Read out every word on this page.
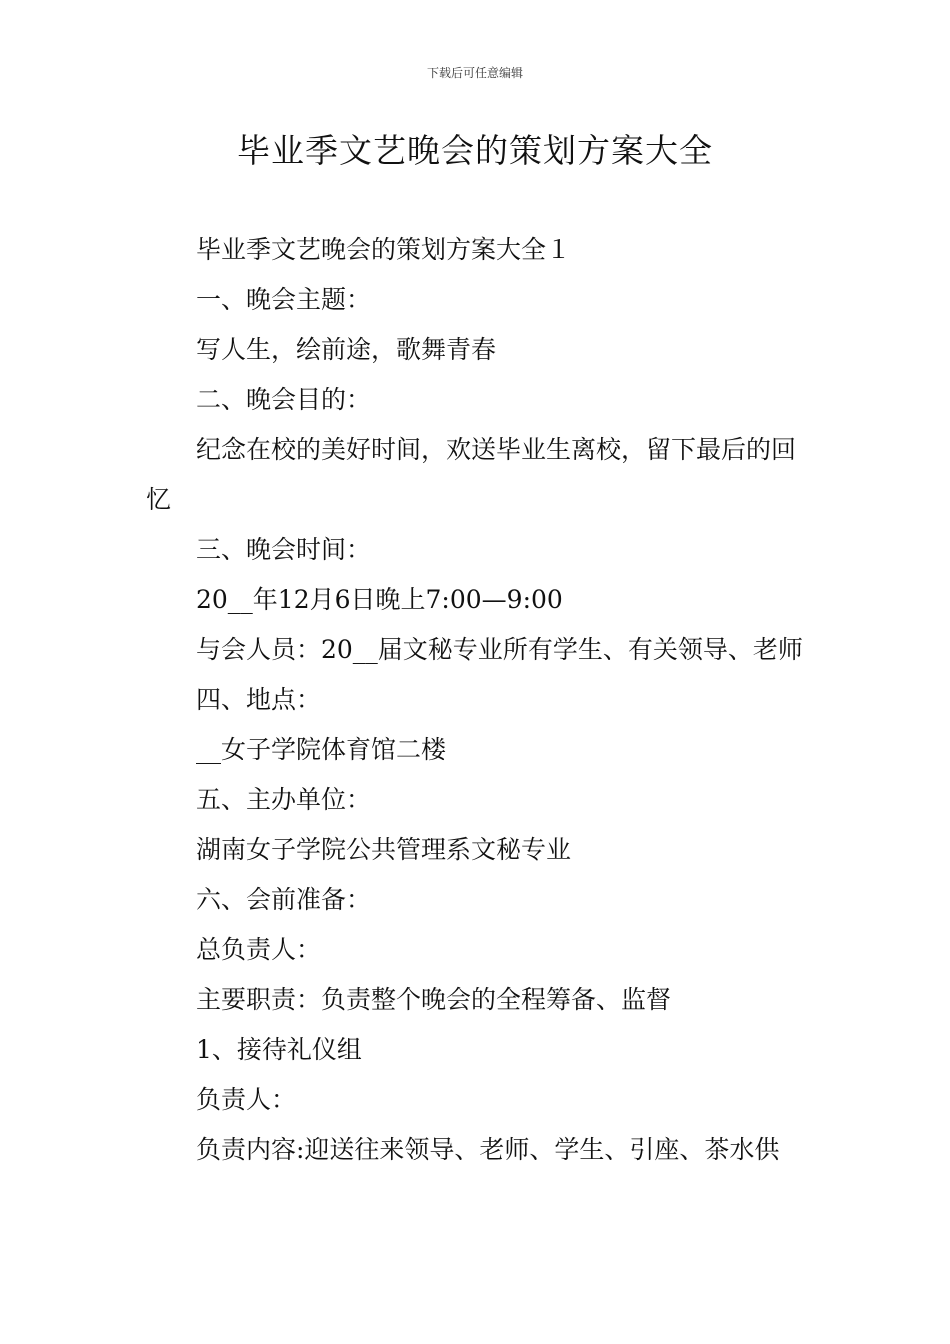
下载后可任意编辑
毕业季文艺晚会的策划方案大全

毕业季文艺晚会的策划方案大全１

一、晚会主题：

写人生，绘前途，歌舞青春

二、晚会目的：

纪念在校的美好时间，欢送毕业生离校，留下最后的回忆

三、晚会时间：

20__年12月6日晚上7:00—9:00

与会人员：20__届文秘专业所有学生、有关领导、老师

四、地点：

__女子学院体育馆二楼

五、主办单位：

湖南女子学院公共管理系文秘专业

六、会前准备：

总负责人：

主要职责：负责整个晚会的全程筹备、监督

1、接待礼仪组

负责人：

负责内容:迎送往来领导、老师、学生、引座、茶水供
